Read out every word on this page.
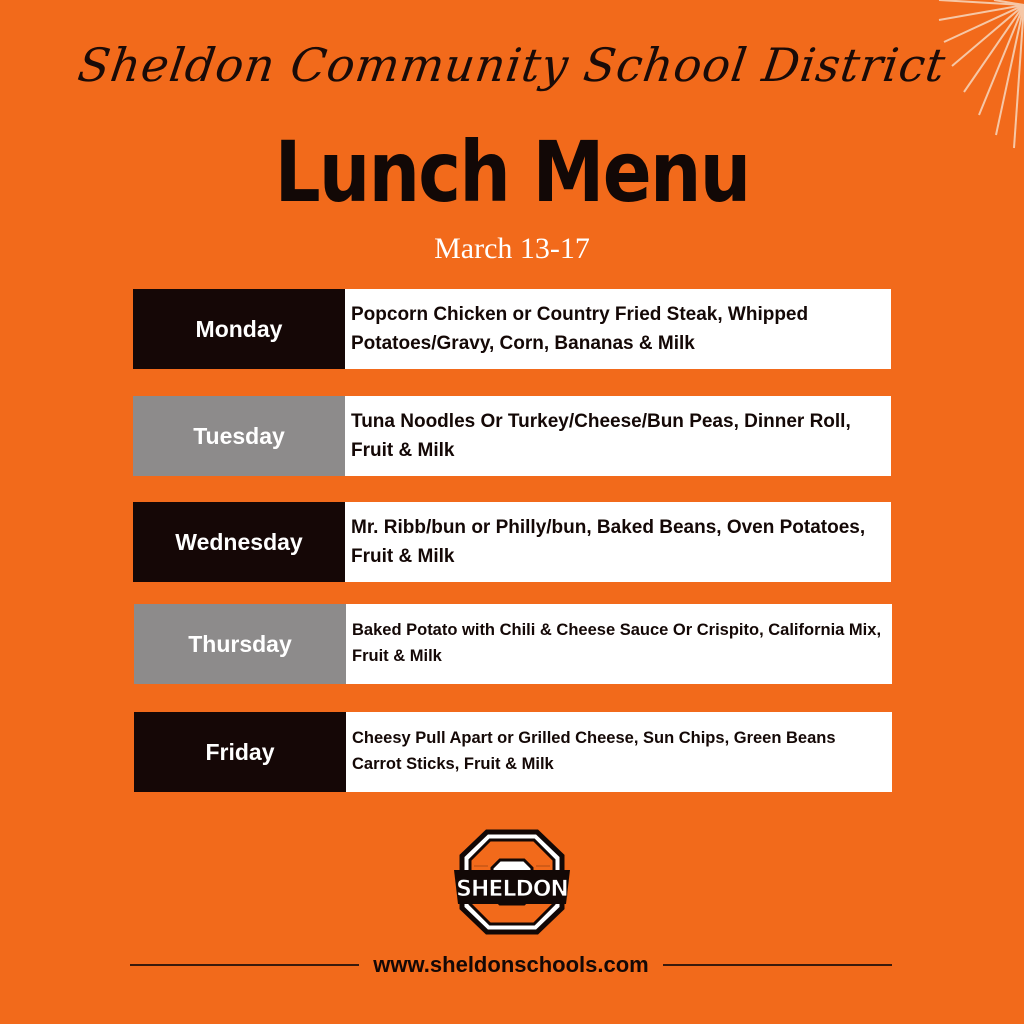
Sheldon Community School District
Lunch Menu
March 13-17
Monday
Popcorn Chicken or Country Fried Steak, Whipped Potatoes/Gravy, Corn, Bananas & Milk
Tuesday
Tuna Noodles Or Turkey/Cheese/Bun Peas, Dinner Roll, Fruit & Milk
Wednesday
Mr. Ribb/bun or Philly/bun, Baked Beans, Oven Potatoes, Fruit & Milk
Thursday
Baked Potato with Chili & Cheese Sauce Or Crispito, California Mix, Fruit & Milk
Friday
Cheesy Pull Apart or Grilled Cheese, Sun Chips, Green Beans Carrot Sticks, Fruit & Milk
SHELDON
www.sheldonschools.com
